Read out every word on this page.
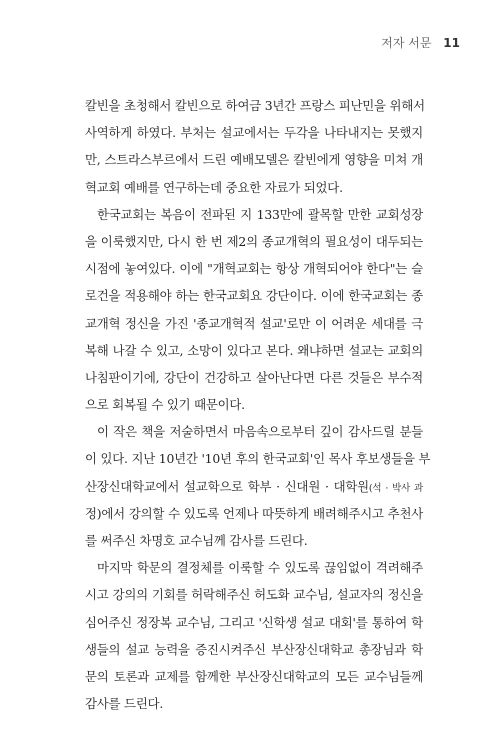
저자 서문 11
칼빈을 초청해서 칼빈으로 하여금 3년간 프랑스 피난민을 위해서
사역하게 하였다. 부처는 설교에서는 두각을 나타내지는 못했지
만, 스트라스부르에서 드린 예배모델은 칼빈에게 영향을 미쳐 개
혁교회 예배를 연구하는데 중요한 자료가 되었다.
한국교회는 복음이 전파된 지 133만에 괄목할 만한 교회성장
을 이룩했지만, 다시 한 번 제2의 종교개혁의 필요성이 대두되는
시점에 놓여있다. 이에 "개혁교회는 항상 개혁되어야 한다"는 슬
로건을 적용해야 하는 한국교회요 강단이다. 이에 한국교회는 종
교개혁 정신을 가진 '종교개혁적 설교'로만 이 어려운 세대를 극
복해 나갈 수 있고, 소망이 있다고 본다. 왜냐하면 설교는 교회의
나침판이기에, 강단이 건강하고 살아난다면 다른 것들은 부수적
으로 회복될 수 있기 때문이다.
이 작은 책을 저술하면서 마음속으로부터 깊이 감사드릴 분들
이 있다. 지난 10년간 '10년 후의 한국교회'인 목사 후보생들을 부
산장신대학교에서 설교학으로 학부 · 신대원 · 대학원(석 · 박사 과
정)에서 강의할 수 있도록 언제나 따뜻하게 배려해주시고 추천사
를 써주신 차명호 교수님께 감사를 드린다.
마지막 학문의 결정체를 이룩할 수 있도록 끊임없이 격려해주
시고 강의의 기회를 허락해주신 허도화 교수님, 설교자의 정신을
심어주신 정장복 교수님, 그리고 '신학생 설교 대회'를 통하여 학
생들의 설교 능력을 증진시켜주신 부산장신대학교 총장님과 학
문의 토론과 교제를 함께한 부산장신대학교의 모든 교수님들께
감사를 드린다.
